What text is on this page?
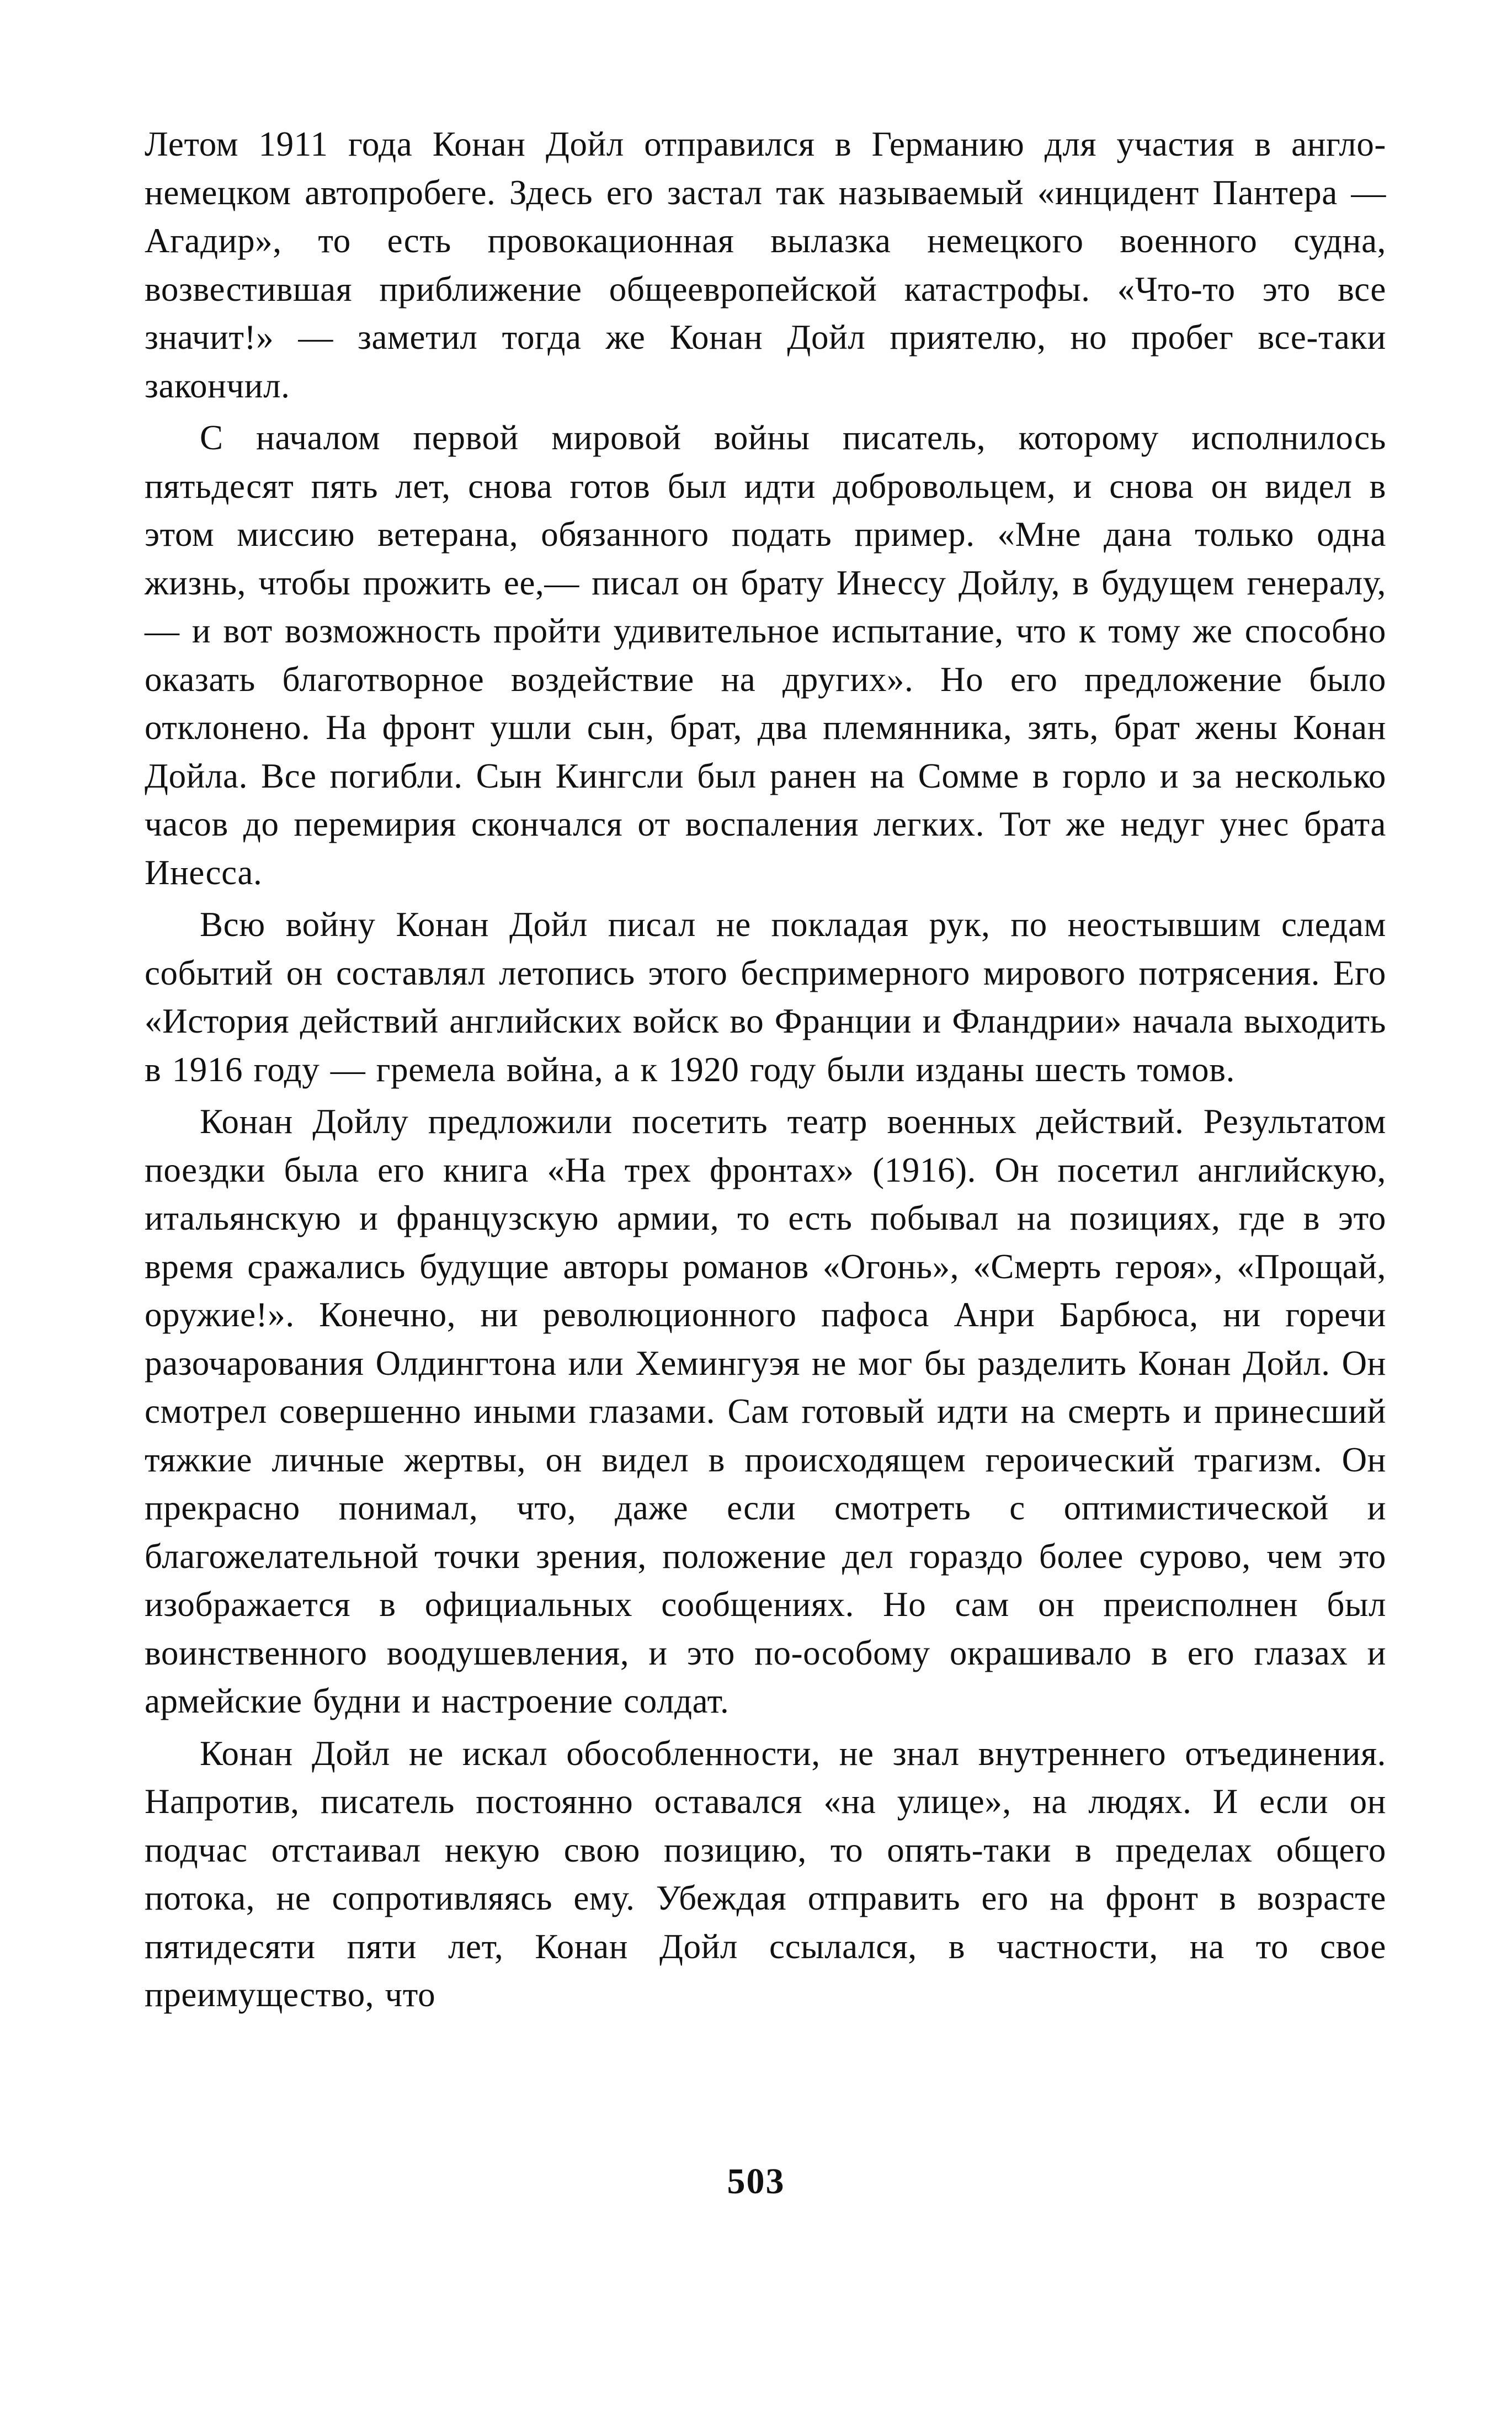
Летом 1911 года Конан Дойл отправился в Германию для участия в англо-немецком автопробеге. Здесь его застал так называемый «инцидент Пантера — Агадир», то есть провокационная вылазка немецкого военного судна, возвестившая приближение общеевропейской катастрофы. «Что-то это все значит!» — заметил тогда же Конан Дойл приятелю, но пробег все-таки закончил.

С началом первой мировой войны писатель, которому исполнилось пятьдесят пять лет, снова готов был идти добровольцем, и снова он видел в этом миссию ветерана, обязанного подать пример. «Мне дана только одна жизнь, чтобы прожить ее,— писал он брату Инессу Дойлу, в будущем генералу,— и вот возможность пройти удивительное испытание, что к тому же способно оказать благотворное воздействие на других». Но его предложение было отклонено. На фронт ушли сын, брат, два племянника, зять, брат жены Конан Дойла. Все погибли. Сын Кингсли был ранен на Сомме в горло и за несколько часов до перемирия скончался от воспаления легких. Тот же недуг унес брата Инесса.

Всю войну Конан Дойл писал не покладая рук, по неостывшим следам событий он составлял летопись этого беспримерного мирового потрясения. Его «История действий английских войск во Франции и Фландрии» начала выходить в 1916 году — гремела война, а к 1920 году были изданы шесть томов.

Конан Дойлу предложили посетить театр военных действий. Результатом поездки была его книга «На трех фронтах» (1916). Он посетил английскую, итальянскую и французскую армии, то есть побывал на позициях, где в это время сражались будущие авторы романов «Огонь», «Смерть героя», «Прощай, оружие!». Конечно, ни революционного пафоса Анри Барбюса, ни горечи разочарования Олдингтона или Хемингуэя не мог бы разделить Конан Дойл. Он смотрел совершенно иными глазами. Сам готовый идти на смерть и принесший тяжкие личные жертвы, он видел в происходящем героический трагизм. Он прекрасно понимал, что, даже если смотреть с оптимистической и благожелательной точки зрения, положение дел гораздо более сурово, чем это изображается в официальных сообщениях. Но сам он преисполнен был воинственного воодушевления, и это по-особому окрашивало в его глазах и армейские будни и настроение солдат.

Конан Дойл не искал обособленности, не знал внутреннего отъединения. Напротив, писатель постоянно оставался «на улице», на людях. И если он подчас отстаивал некую свою позицию, то опять-таки в пределах общего потока, не сопротивляясь ему. Убеждая отправить его на фронт в возрасте пятидесяти пяти лет, Конан Дойл ссылался, в частности, на то свое преимущество, что

503
